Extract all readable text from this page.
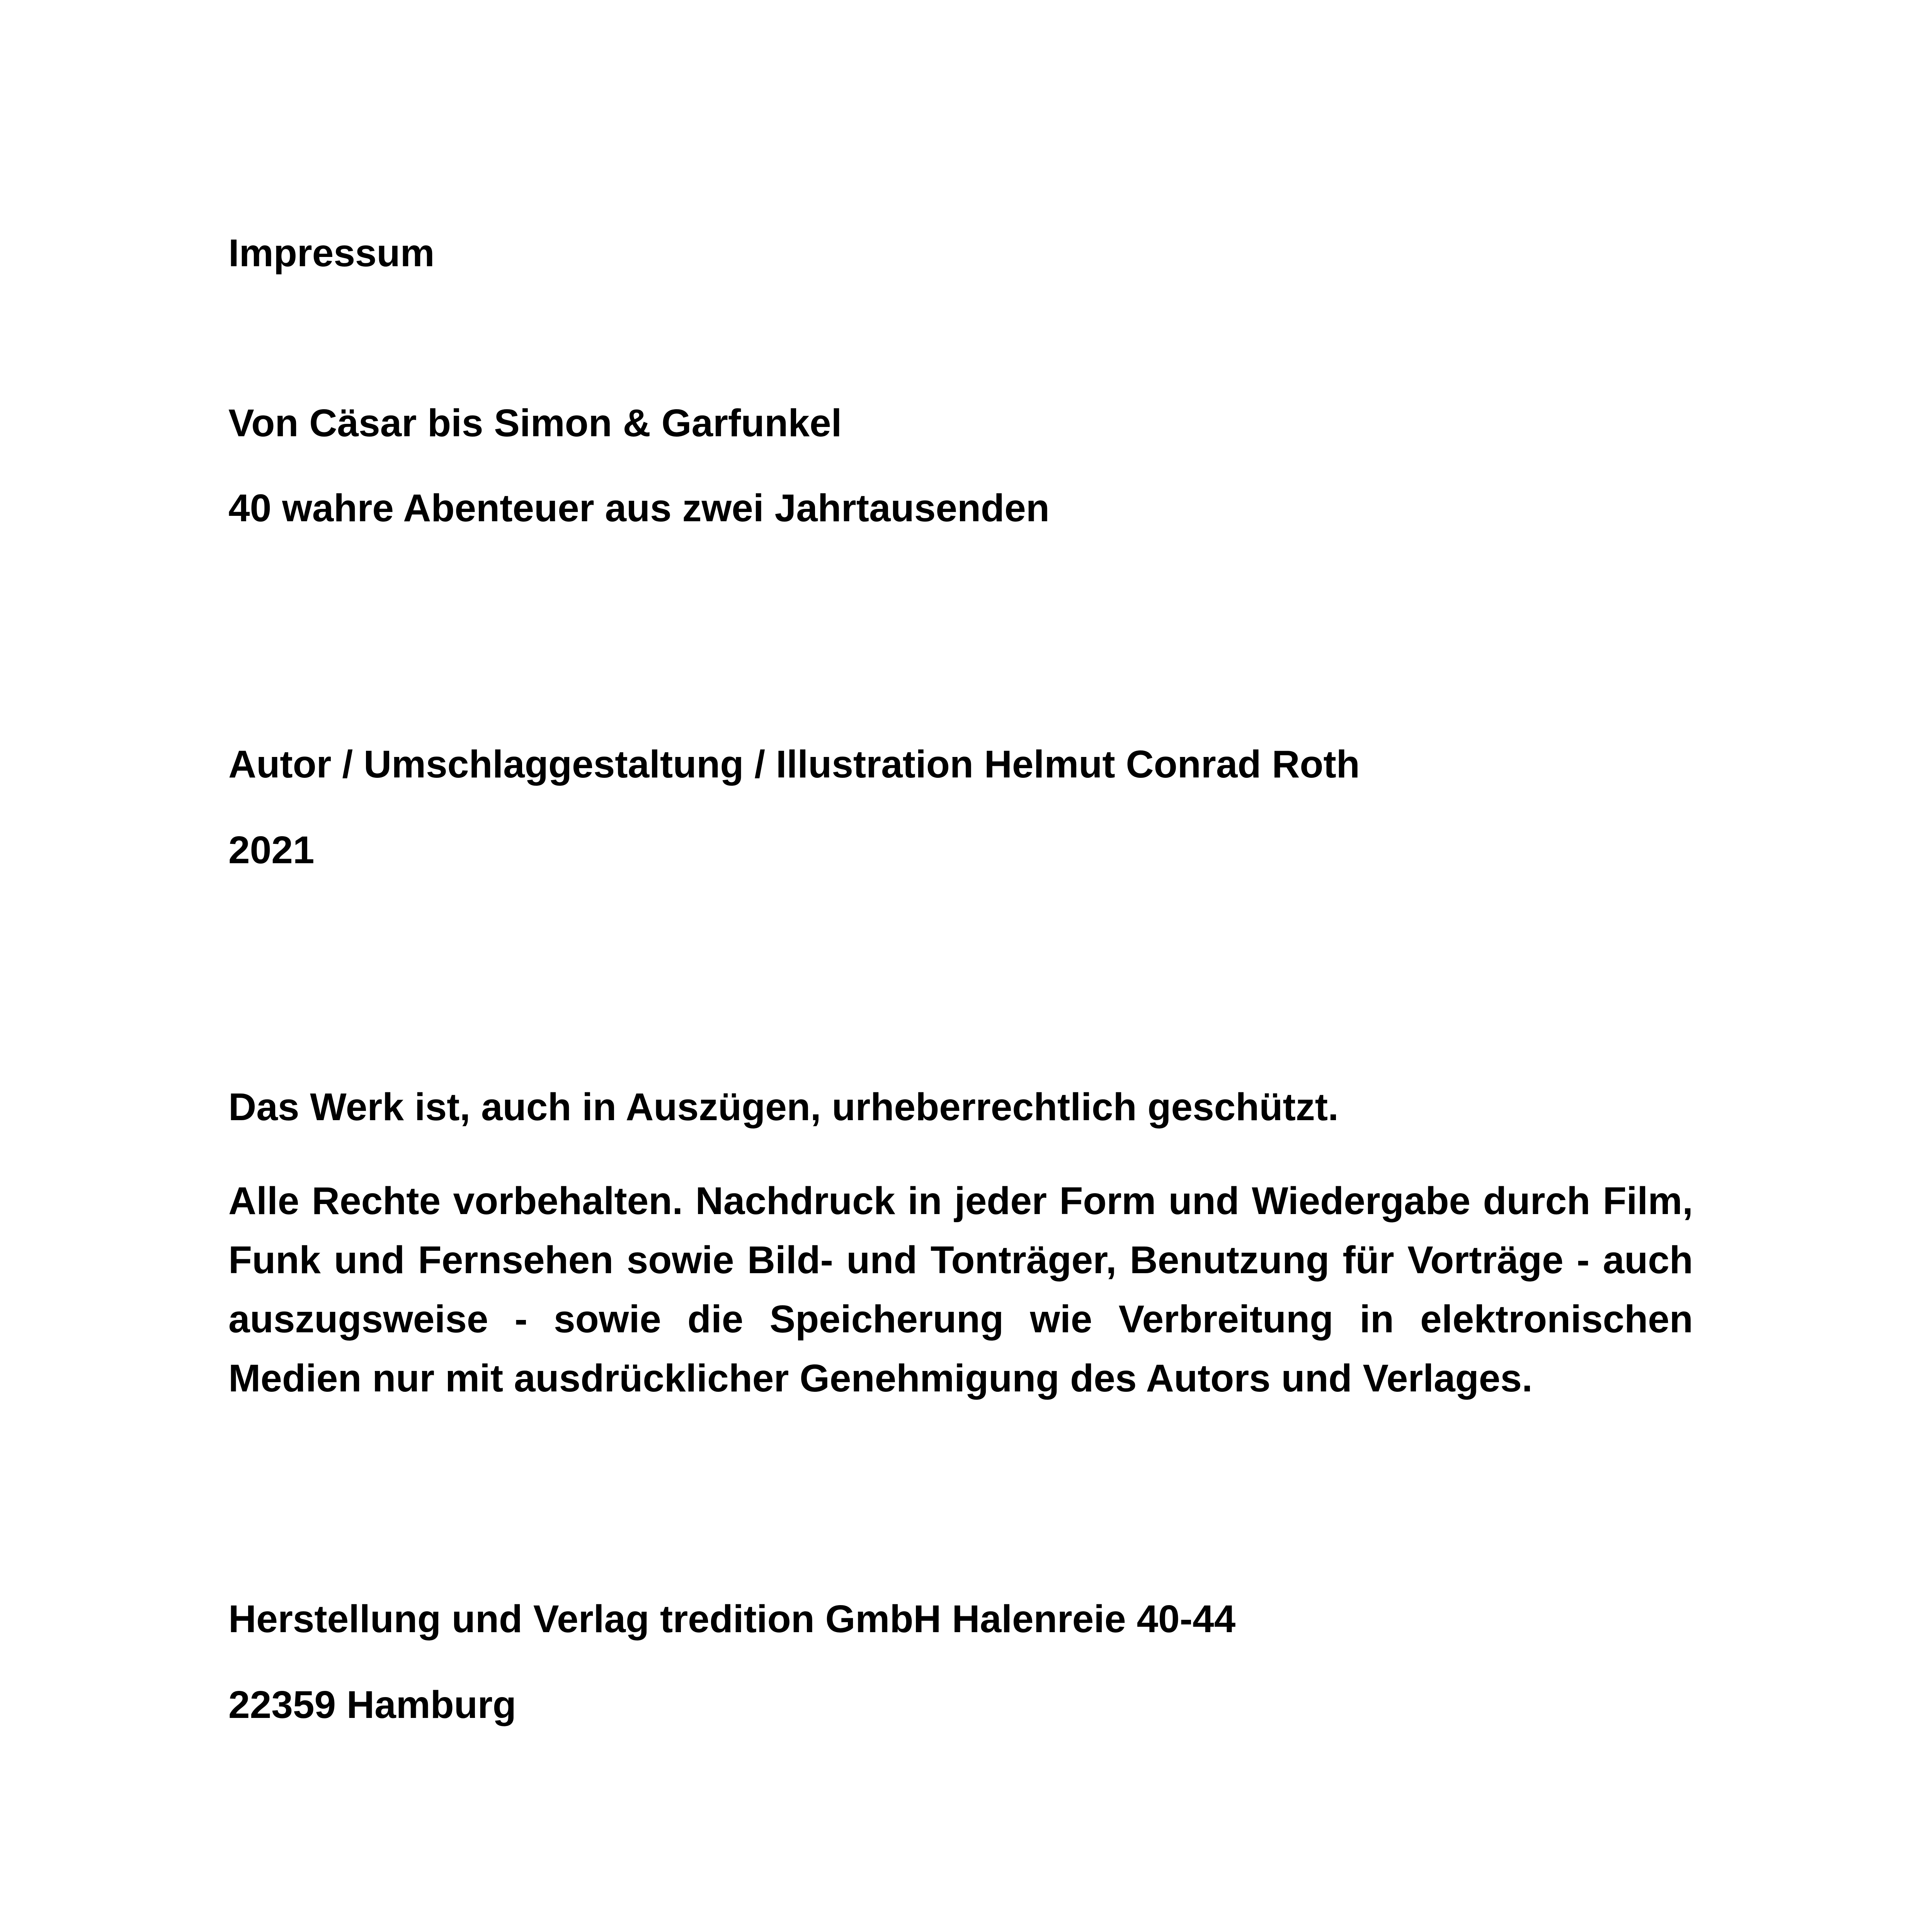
Impressum

Von Cäsar bis Simon & Garfunkel

40 wahre Abenteuer aus zwei Jahrtausenden

Autor / Umschlaggestaltung / Illustration Helmut Conrad Roth

2021

Das Werk ist, auch in Auszügen, urheberrechtlich geschützt.

Alle Rechte vorbehalten. Nachdruck in jeder Form und Wiedergabe durch Film,
Funk und Fernsehen sowie Bild- und Tonträger, Benutzung für Vorträge - auch
auszugsweise - sowie die Speicherung wie Verbreitung in elektronischen
Medien nur mit ausdrücklicher Genehmigung des Autors und Verlages.

Herstellung und Verlag tredition GmbH Halenreie 40-44

22359 Hamburg
